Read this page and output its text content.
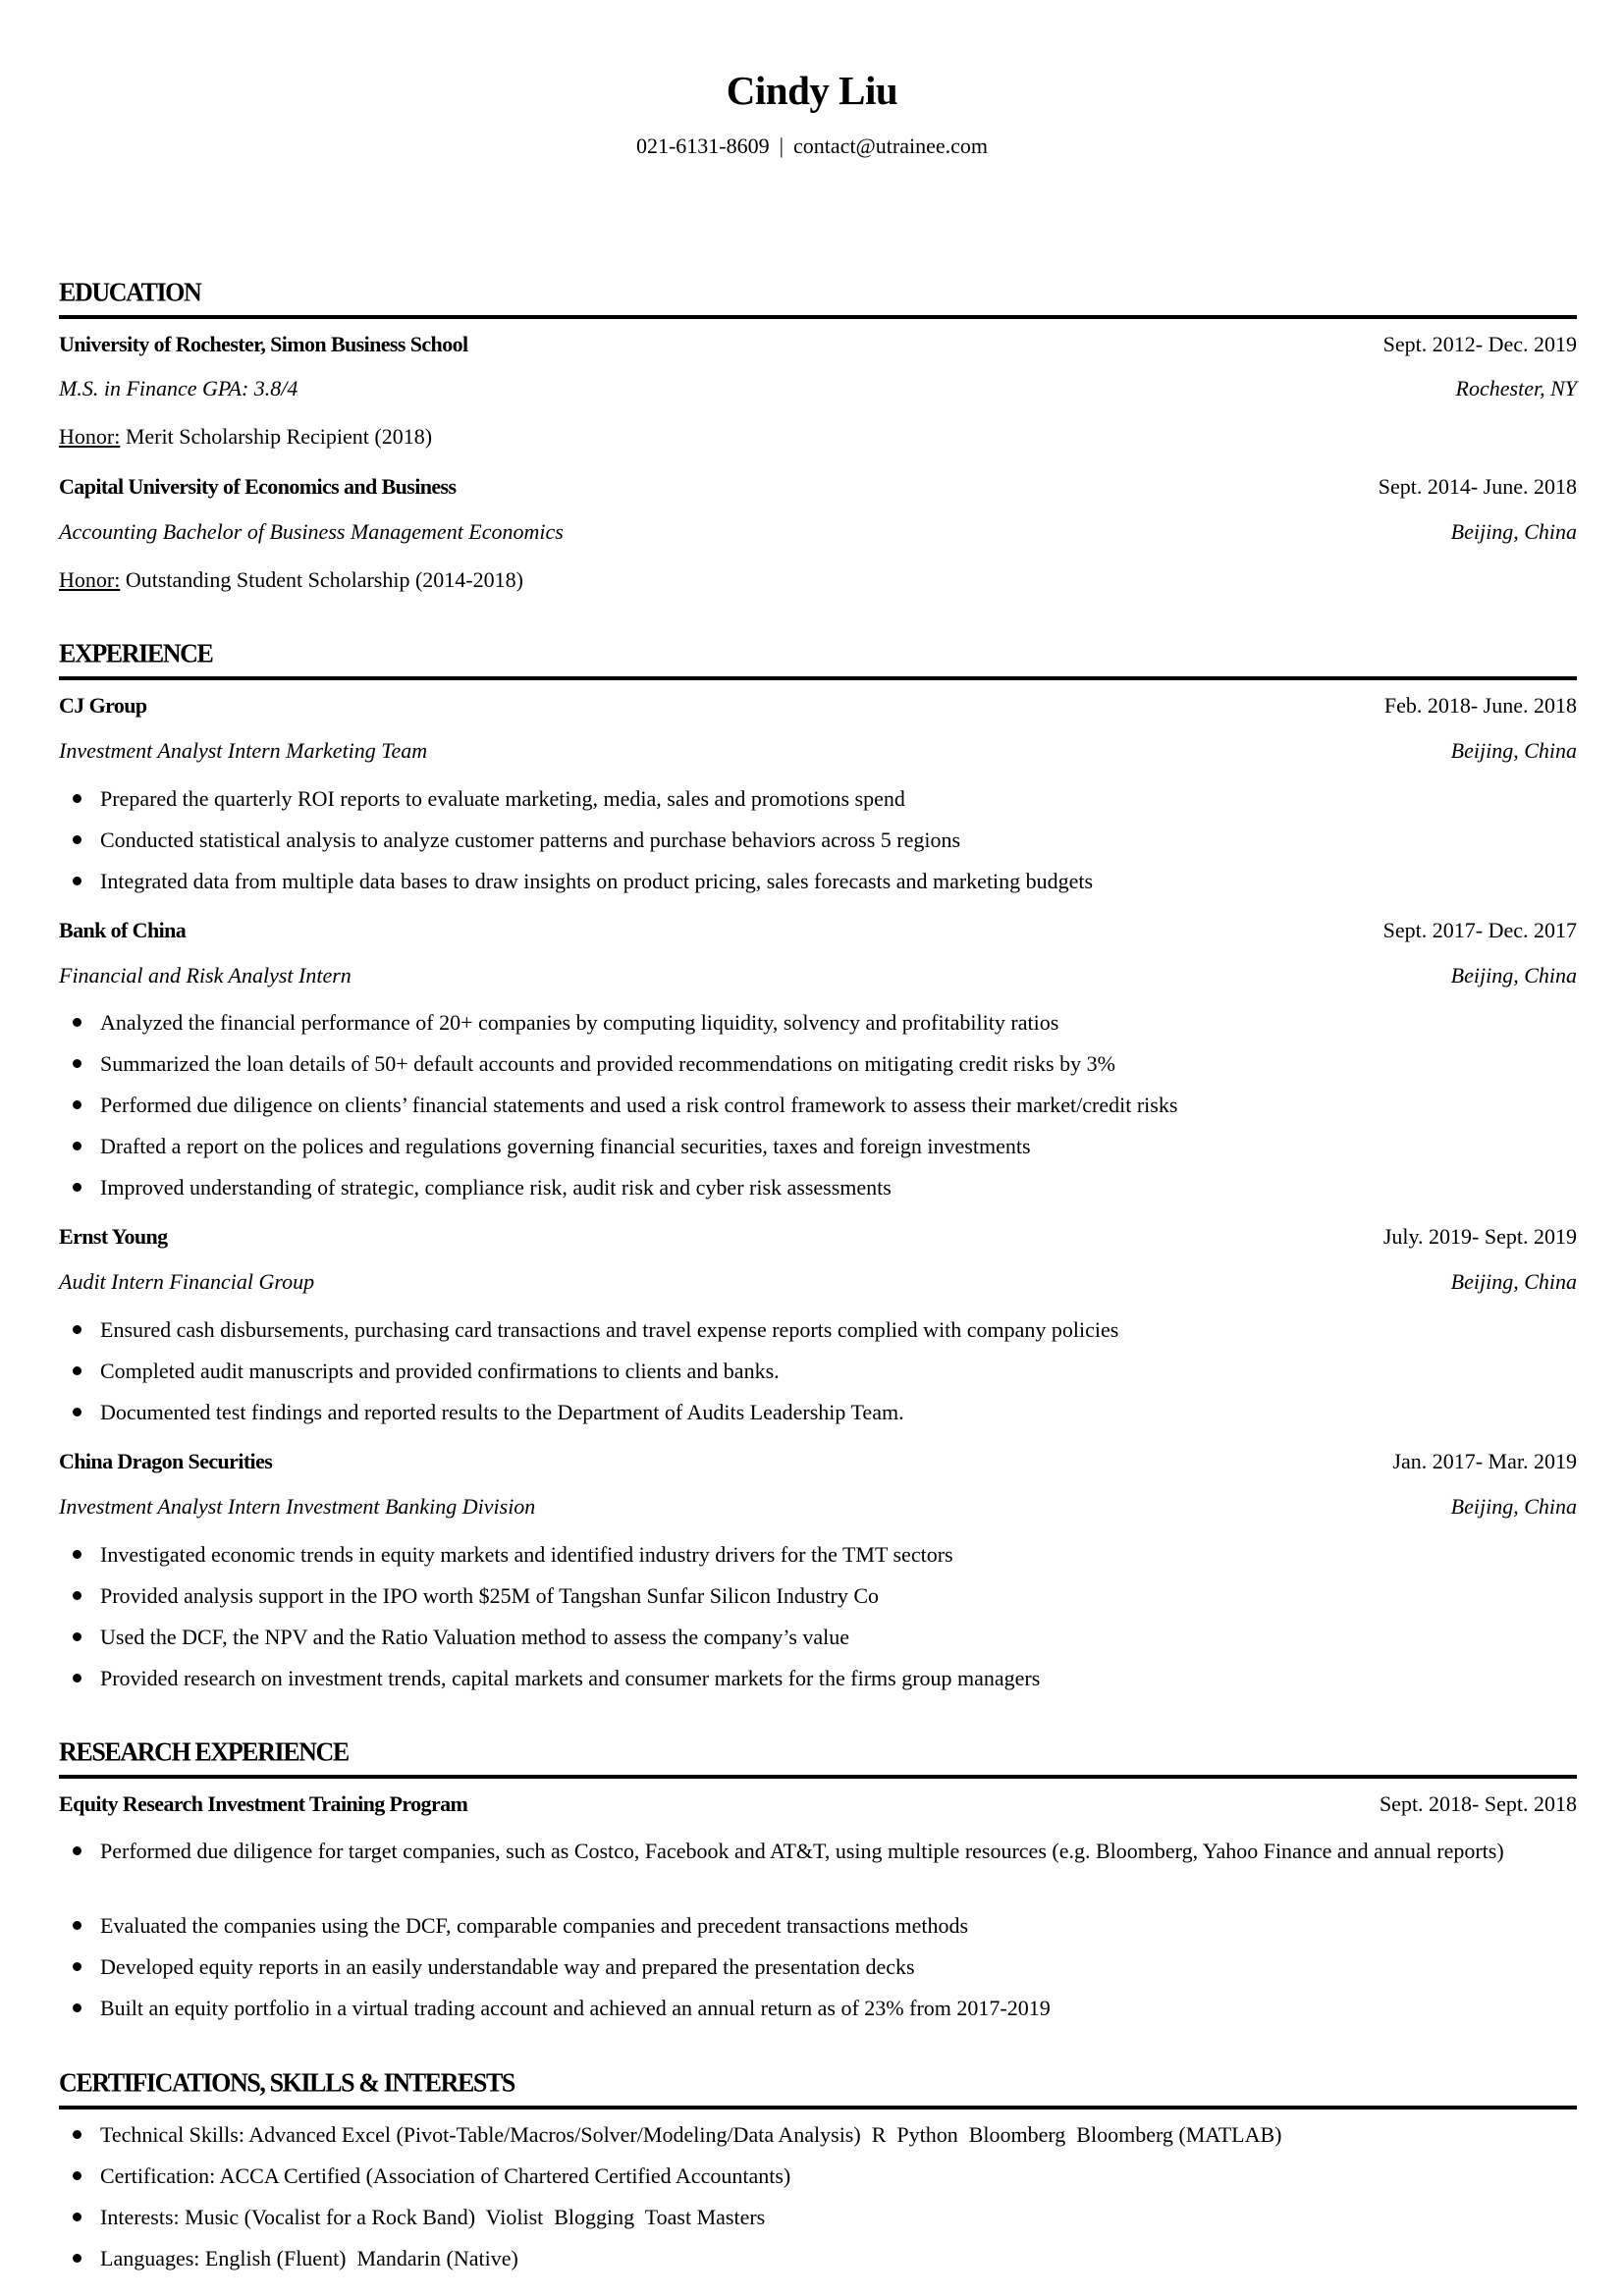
Cindy Liu
021-6131-8609 | contact@utrainee.com
EDUCATION
University of Rochester, Simon Business School	Sept. 2012- Dec. 2019
M.S. in Finance GPA: 3.8/4	Rochester, NY
Honor: Merit Scholarship Recipient (2018)
Capital University of Economics and Business	Sept. 2014- June. 2018
Accounting Bachelor of Business Management Economics	Beijing, China
Honor: Outstanding Student Scholarship (2014-2018)
EXPERIENCE
CJ Group	Feb. 2018- June. 2018
Investment Analyst Intern Marketing Team	Beijing, China
Prepared the quarterly ROI reports to evaluate marketing, media, sales and promotions spend
Conducted statistical analysis to analyze customer patterns and purchase behaviors across 5 regions
Integrated data from multiple data bases to draw insights on product pricing, sales forecasts and marketing budgets
Bank of China	Sept. 2017- Dec. 2017
Financial and Risk Analyst Intern	Beijing, China
Analyzed the financial performance of 20+ companies by computing liquidity, solvency and profitability ratios
Summarized the loan details of 50+ default accounts and provided recommendations on mitigating credit risks by 3%
Performed due diligence on clients’ financial statements and used a risk control framework to assess their market/credit risks
Drafted a report on the polices and regulations governing financial securities, taxes and foreign investments
Improved understanding of strategic, compliance risk, audit risk and cyber risk assessments
Ernst Young	July. 2019- Sept. 2019
Audit Intern Financial Group	Beijing, China
Ensured cash disbursements, purchasing card transactions and travel expense reports complied with company policies
Completed audit manuscripts and provided confirmations to clients and banks.
Documented test findings and reported results to the Department of Audits Leadership Team.
China Dragon Securities	Jan. 2017- Mar. 2019
Investment Analyst Intern Investment Banking Division	Beijing, China
Investigated economic trends in equity markets and identified industry drivers for the TMT sectors
Provided analysis support in the IPO worth $25M of Tangshan Sunfar Silicon Industry Co
Used the DCF, the NPV and the Ratio Valuation method to assess the company’s value
Provided research on investment trends, capital markets and consumer markets for the firms group managers
RESEARCH EXPERIENCE
Equity Research Investment Training Program	Sept. 2018- Sept. 2018
Performed due diligence for target companies, such as Costco, Facebook and AT&T, using multiple resources (e.g. Bloomberg, Yahoo Finance and annual reports)
Evaluated the companies using the DCF, comparable companies and precedent transactions methods
Developed equity reports in an easily understandable way and prepared the presentation decks
Built an equity portfolio in a virtual trading account and achieved an annual return as of 23% from 2017-2019
CERTIFICATIONS, SKILLS & INTERESTS
Technical Skills: Advanced Excel (Pivot-Table/Macros/Solver/Modeling/Data Analysis)  R  Python  Bloomberg  Bloomberg (MATLAB)
Certification: ACCA Certified (Association of Chartered Certified Accountants)
Interests: Music (Vocalist for a Rock Band)  Violist  Blogging  Toast Masters
Languages: English (Fluent)  Mandarin (Native)
